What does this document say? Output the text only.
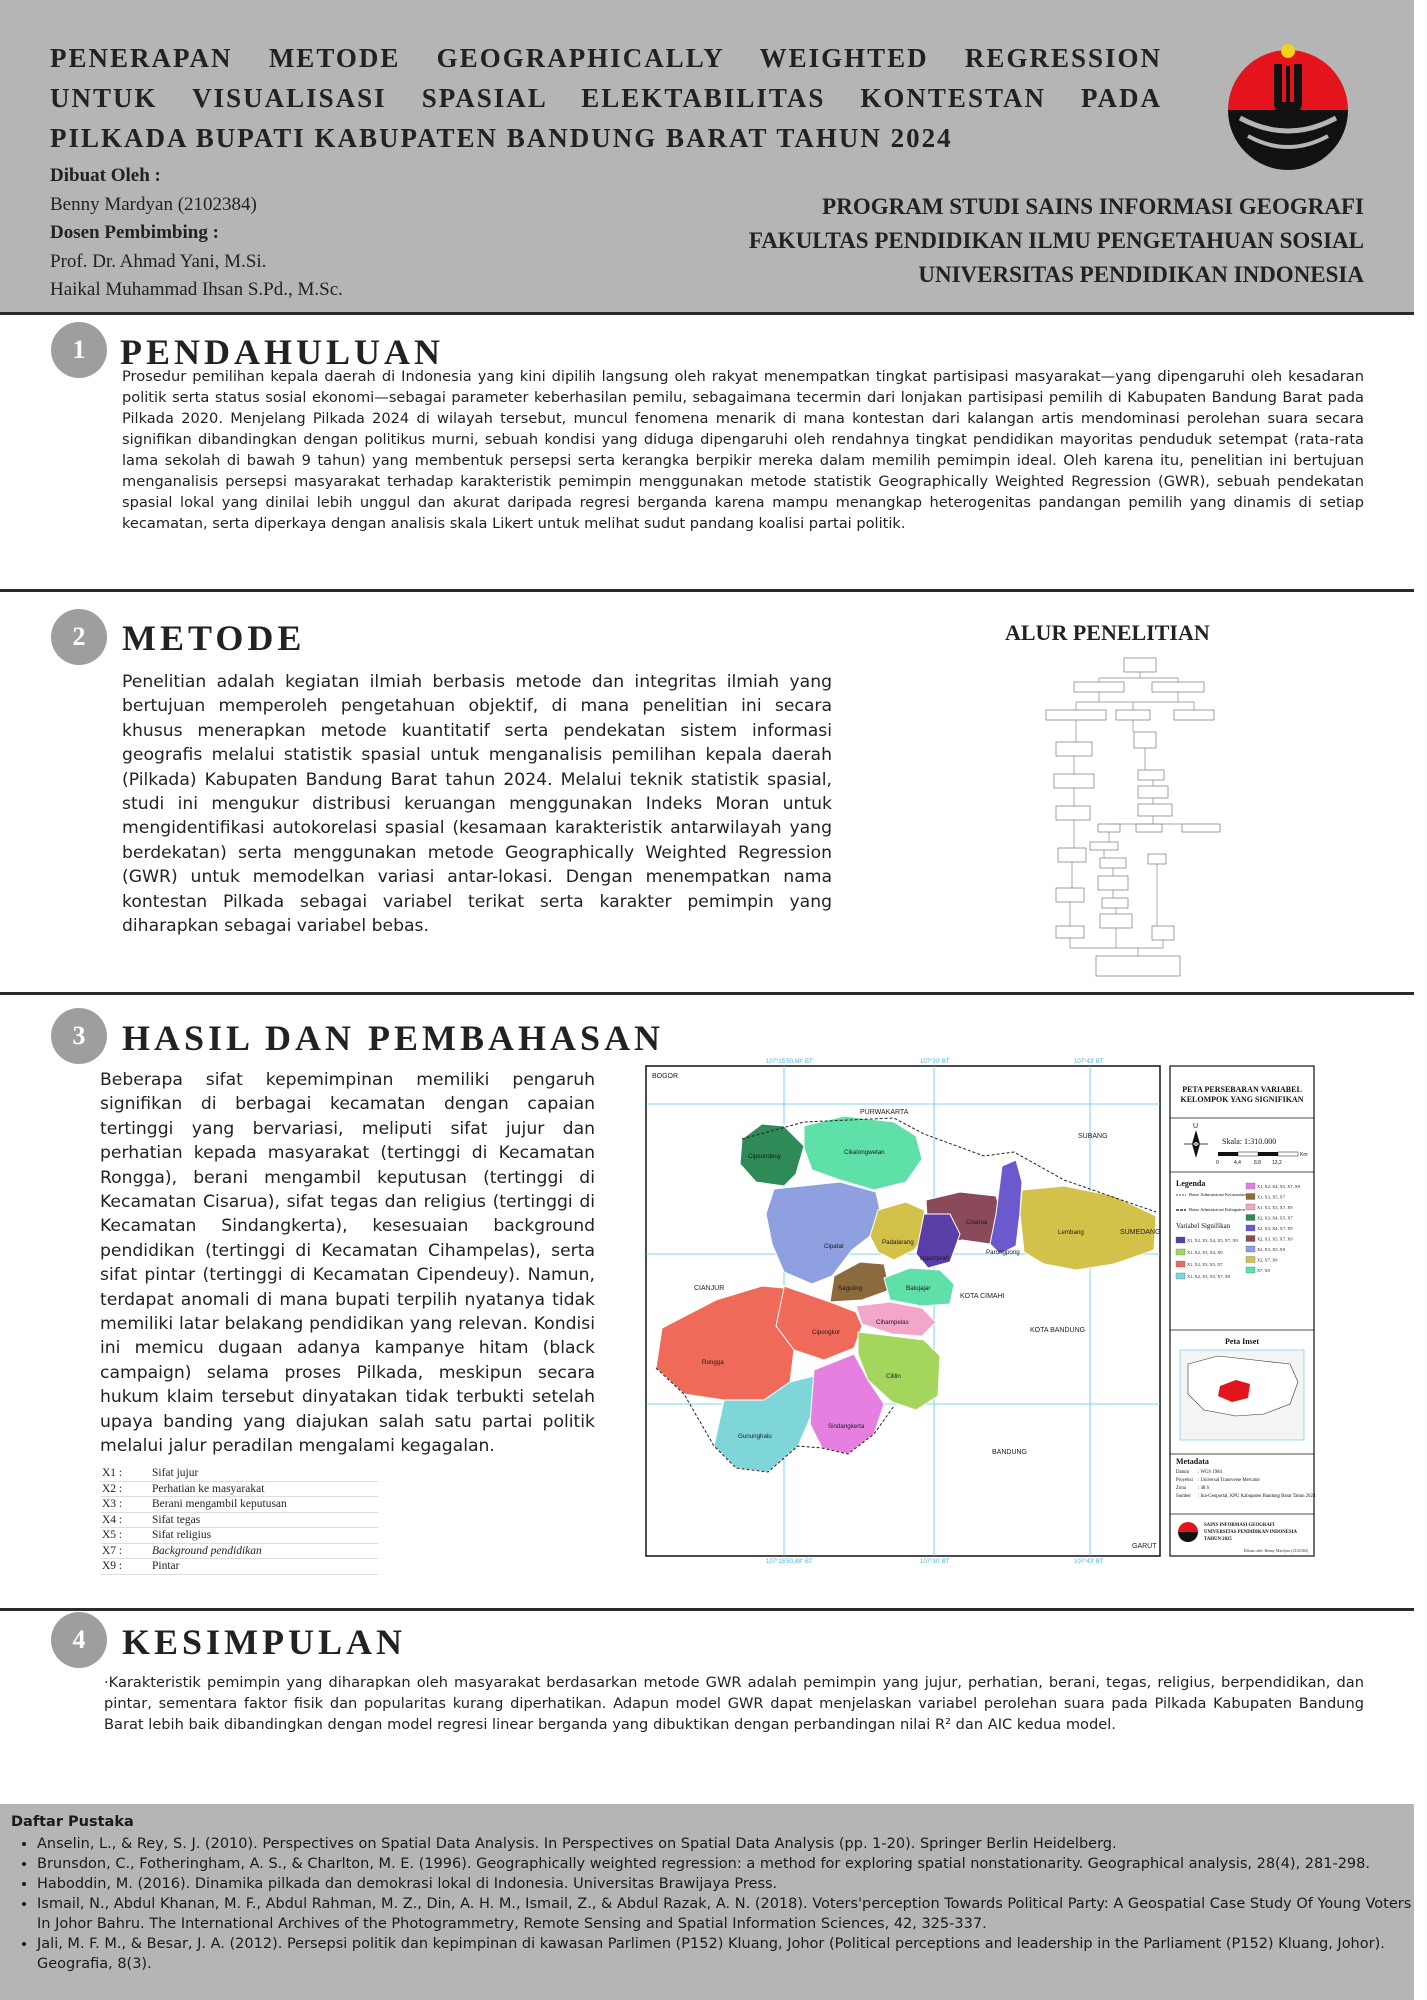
PENERAPAN METODE GEOGRAPHICALLY WEIGHTED REGRESSION UNTUK VISUALISASI SPASIAL ELEKTABILITAS KONTESTAN PADA PILKADA BUPATI KABUPATEN BANDUNG BARAT TAHUN 2024
Dibuat Oleh :
Benny Mardyan (2102384)
Dosen Pembimbing :
Prof. Dr. Ahmad Yani, M.Si.
Haikal Muhammad Ihsan S.Pd., M.Sc.
PROGRAM STUDI SAINS INFORMASI GEOGRAFI
FAKULTAS PENDIDIKAN ILMU PENGETAHUAN SOSIAL
UNIVERSITAS PENDIDIKAN INDONESIA
1 PENDAHULUAN

Prosedur pemilihan kepala daerah di Indonesia yang kini dipilih langsung oleh rakyat menempatkan tingkat partisipasi masyarakat—yang dipengaruhi oleh kesadaran politik serta status sosial ekonomi—sebagai parameter keberhasilan pemilu, sebagaimana tecermin dari lonjakan partisipasi pemilih di Kabupaten Bandung Barat pada Pilkada 2020. Menjelang Pilkada 2024 di wilayah tersebut, muncul fenomena menarik di mana kontestan dari kalangan artis mendominasi perolehan suara secara signifikan dibandingkan dengan politikus murni, sebuah kondisi yang diduga dipengaruhi oleh rendahnya tingkat pendidikan mayoritas penduduk setempat (rata-rata lama sekolah di bawah 9 tahun) yang membentuk persepsi serta kerangka berpikir mereka dalam memilih pemimpin ideal. Oleh karena itu, penelitian ini bertujuan menganalisis persepsi masyarakat terhadap karakteristik pemimpin menggunakan metode statistik Geographically Weighted Regression (GWR), sebuah pendekatan spasial lokal yang dinilai lebih unggul dan akurat daripada regresi berganda karena mampu menangkap heterogenitas pandangan pemilih yang dinamis di setiap kecamatan, serta diperkaya dengan analisis skala Likert untuk melihat sudut pandang koalisi partai politik.

2	METODE

Penelitian adalah kegiatan ilmiah berbasis metode dan integritas ilmiah yang bertujuan memperoleh pengetahuan objektif, di mana penelitian ini secara khusus menerapkan metode kuantitatif serta pendekatan sistem informasi geografis melalui statistik spasial untuk menganalisis pemilihan kepala daerah (Pilkada) Kabupaten Bandung Barat tahun 2024. Melalui teknik statistik spasial, studi ini mengukur distribusi keruangan menggunakan Indeks Moran untuk mengidentifikasi autokorelasi spasial (kesamaan karakteristik antarwilayah yang berdekatan) serta menggunakan metode Geographically Weighted Regression (GWR) untuk memodelkan variasi antar-lokasi. Dengan menempatkan nama kontestan Pilkada sebagai variabel terikat serta karakter pemimpin yang diharapkan sebagai variabel bebas.

ALUR PENELITIAN
3	HASIL DAN PEMBAHASAN

Beberapa sifat kepemimpinan memiliki pengaruh signifikan di berbagai kecamatan dengan capaian tertinggi yang bervariasi, meliputi sifat jujur dan perhatian kepada masyarakat (tertinggi di Kecamatan Rongga), berani mengambil keputusan (tertinggi di Kecamatan Cisarua), sifat tegas dan religius (tertinggi di Kecamatan Sindangkerta), kesesuaian background pendidikan (tertinggi di Kecamatan Cihampelas), serta sifat pintar (tertinggi di Kecamatan Cipendeuy). Namun, terdapat anomali di mana bupati terpilih nyatanya tidak memiliki latar belakang pendidikan yang relevan. Kondisi ini memicu dugaan adanya kampanye hitam (black campaign) selama proses Pilkada, meskipun secara hukum klaim tersebut dinyatakan tidak terbukti setelah upaya banding yang diajukan salah satu partai politik melalui jalur peradilan mengalami kegagalan.

X1 :	Sifat jujur
X2 :	Perhatian ke masyarakat
X3 :	Berani mengambil keputusan
X4 :	Sifat tegas
X5 :	Sifat religius
X7 :	Background pendidikan
X9 :	Pintar
107°15'50,88" BT	107°30' BT	107°43' BT
107°15'50,88" BT	107°30' BT	107°43' BT
BOGOR
PURWAKARTA
SUBANG
SUMEDANG
CIANJUR
KOTA CIMAHI
KOTA BANDUNG
BANDUNG
GARUT
Cipeundeuy
Cikalongwetan
Cisarua
Lembang
Cipatat
Padalarang
Ngamprah
Parongpong
Saguling	Batujajar
Cihampelas
Cipongkor
Rongga
Cililin
Gununghalu
Sindangkerta
PETA PERSEBARAN VARIABEL
KELOMPOK YANG SIGNIFIKAN
U
Skala: 1:310.000
0	4,4	8,8 13,2
Km
Legenda
Batas Administrasi Kecamatan
Batas Administrasi Kabupaten
Variabel Signifikan
X1, X2, X3, X4, X5, X7, X9
X1, X2, X3, X4, X9
X1, X2, X3, X5, X7
X1, X2, X3, X5, X7, X9
X1, X2, X4, X5, X7, X9
X1, X3, X5, X7
X1, X3, X5, X7, X9
X2, X3, X4, X5, X7
X2, X3, X4, X7, X9
X2, X3, X5, X7, X9
X2, X3, X5, X9
X2, X7, X9
X7, X9
Peta Inset
Metadata
Datum : WGS 1984
Proyeksi : Universal Transverse Mercator
Zona	: 48 S
Sumber : Ina-Geoportal, KPU Kabupaten Bandung Barat Tahun 2024
SAINS INFORMASI GEOGRAFI
UNIVERSITAS PENDIDIKAN INDONESIA
TAHUN 2025
Dibuat oleh: Benny Mardyan (2102384)
4	KESIMPULAN

·Karakteristik pemimpin yang diharapkan oleh masyarakat berdasarkan metode GWR adalah pemimpin yang jujur, perhatian, berani, tegas, religius, berpendidikan, dan pintar, sementara faktor fisik dan popularitas kurang diperhatikan. Adapun model GWR dapat menjelaskan variabel perolehan suara pada Pilkada Kabupaten Bandung Barat lebih baik dibandingkan dengan model regresi linear berganda yang dibuktikan dengan perbandingan nilai R² dan AIC kedua model.

Daftar Pustaka
• Anselin, L., & Rey, S. J. (2010). Perspectives on Spatial Data Analysis. In Perspectives on Spatial Data Analysis (pp. 1-20). Springer Berlin Heidelberg.
• Brunsdon, C., Fotheringham, A. S., & Charlton, M. E. (1996). Geographically weighted regression: a method for exploring spatial nonstationarity. Geographical analysis, 28(4), 281-298.
• Haboddin, M. (2016). Dinamika pilkada dan demokrasi lokal di Indonesia. Universitas Brawijaya Press.
• Ismail, N., Abdul Khanan, M. F., Abdul Rahman, M. Z., Din, A. H. M., Ismail, Z., & Abdul Razak, A. N. (2018). Voters'perception Towards Political Party: A Geospatial Case Study Of Young Voters In Johor Bahru. The International Archives of the Photogrammetry, Remote Sensing and Spatial Information Sciences, 42, 325-337.
• Jali, M. F. M., & Besar, J. A. (2012). Persepsi politik dan kepimpinan di kawasan Parlimen (P152) Kluang, Johor (Political perceptions and leadership in the Parliament (P152) Kluang, Johor). Geografia, 8(3).
